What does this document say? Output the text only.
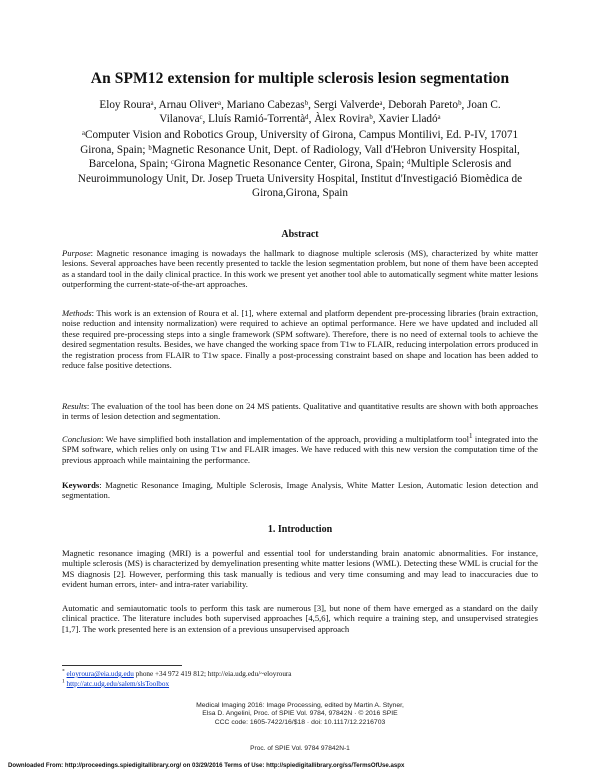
An SPM12 extension for multiple sclerosis lesion segmentation
Eloy Rouraᵃ, Arnau Oliverᵃ, Mariano Cabezasᵇ, Sergi Valverdeᵃ, Deborah Paretoᵇ, Joan C.
Vilanovaᶜ, Lluís Ramió-Torrentàᵈ, Àlex Roviraᵇ, Xavier Lladóᵃ
ᵃComputer Vision and Robotics Group, University of Girona, Campus Montilivi, Ed. P-IV, 17071
Girona, Spain; ᵇMagnetic Resonance Unit, Dept. of Radiology, Vall d'Hebron University Hospital,
Barcelona, Spain; ᶜGirona Magnetic Resonance Center, Girona, Spain; ᵈMultiple Sclerosis and
Neuroimmunology Unit, Dr. Josep Trueta University Hospital, Institut d'Investigació Biomèdica de
Girona,Girona, Spain
Abstract
Purpose: Magnetic resonance imaging is nowadays the hallmark to diagnose multiple sclerosis (MS), characterized by white matter lesions. Several approaches have been recently presented to tackle the lesion segmentation problem, but none of them have been accepted as a standard tool in the daily clinical practice. In this work we present yet another tool able to automatically segment white matter lesions outperforming the current-state-of-the-art approaches.
Methods: This work is an extension of Roura et al. [1], where external and platform dependent pre-processing libraries (brain extraction, noise reduction and intensity normalization) were required to achieve an optimal performance. Here we have updated and included all these required pre-processing steps into a single framework (SPM software). Therefore, there is no need of external tools to achieve the desired segmentation results. Besides, we have changed the working space from T1w to FLAIR, reducing interpolation errors produced in the registration process from FLAIR to T1w space. Finally a post-processing constraint based on shape and location has been added to reduce false positive detections.
Results: The evaluation of the tool has been done on 24 MS patients. Qualitative and quantitative results are shown with both approaches in terms of lesion detection and segmentation.
Conclusion: We have simplified both installation and implementation of the approach, providing a multiplatform tool$^1$ integrated into the SPM software, which relies only on using T1w and FLAIR images. We have reduced with this new version the computation time of the previous approach while maintaining the performance.
Keywords: Magnetic Resonance Imaging, Multiple Sclerosis, Image Analysis, White Matter Lesion, Automatic lesion detection and segmentation.
1. Introduction
Magnetic resonance imaging (MRI) is a powerful and essential tool for understanding brain anatomic abnormalities. For instance, multiple sclerosis (MS) is characterized by demyelination presenting white matter lesions (WML). Detecting these WML is crucial for the MS diagnosis [2]. However, performing this task manually is tedious and very time consuming and may lead to inaccuracies due to evident human errors, inter- and intra-rater variability.
Automatic and semiautomatic tools to perform this task are numerous [3], but none of them have emerged as a standard on the daily clinical practice. The literature includes both supervised approaches [4,5,6], which require a training step, and unsupervised strategies [1,7]. The work presented here is an extension of a previous unsupervised approach
* eloyroura@eia.udg.edu phone +34 972 419 812; http://eia.udg.edu/~eloyroura
$^1$ http://atc.udg.edu/salem/slsToolbox
Medical Imaging 2016: Image Processing, edited by Martin A. Styner,
Elsa D. Angelini, Proc. of SPIE Vol. 9784, 97842N · © 2016 SPIE
CCC code: 1605-7422/16/$18 · doi: 10.1117/12.2216703
Proc. of SPIE Vol. 9784 97842N-1
Downloaded From: http://proceedings.spiedigitallibrary.org/ on 03/29/2016 Terms of Use: http://spiedigitallibrary.org/ss/TermsOfUse.aspx
